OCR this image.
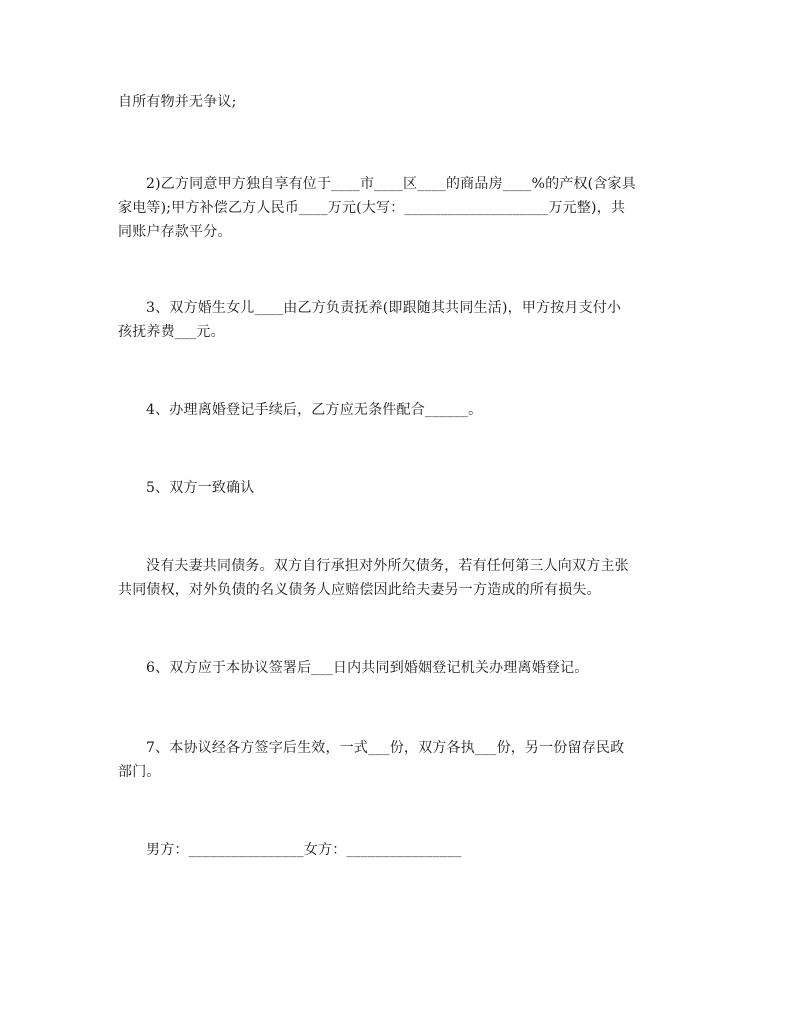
自所有物并无争议;
2)乙方同意甲方独自享有位于____市____区____的商品房____%的产权(含家具
家电等);甲方补偿乙方人民币____万元(大写：____________________万元整)，共
同账户存款平分。
3、双方婚生女儿____由乙方负责抚养(即跟随其共同生活)，甲方按月支付小
孩抚养费___元。
4、办理离婚登记手续后，乙方应无条件配合______。
5、双方一致确认
没有夫妻共同债务。双方自行承担对外所欠债务，若有任何第三人向双方主张
共同债权，对外负债的名义债务人应赔偿因此给夫妻另一方造成的所有损失。
6、双方应于本协议签署后___日内共同到婚姻登记机关办理离婚登记。
7、本协议经各方签字后生效，一式___份，双方各执___份，另一份留存民政
部门。
男方：________________女方：________________
